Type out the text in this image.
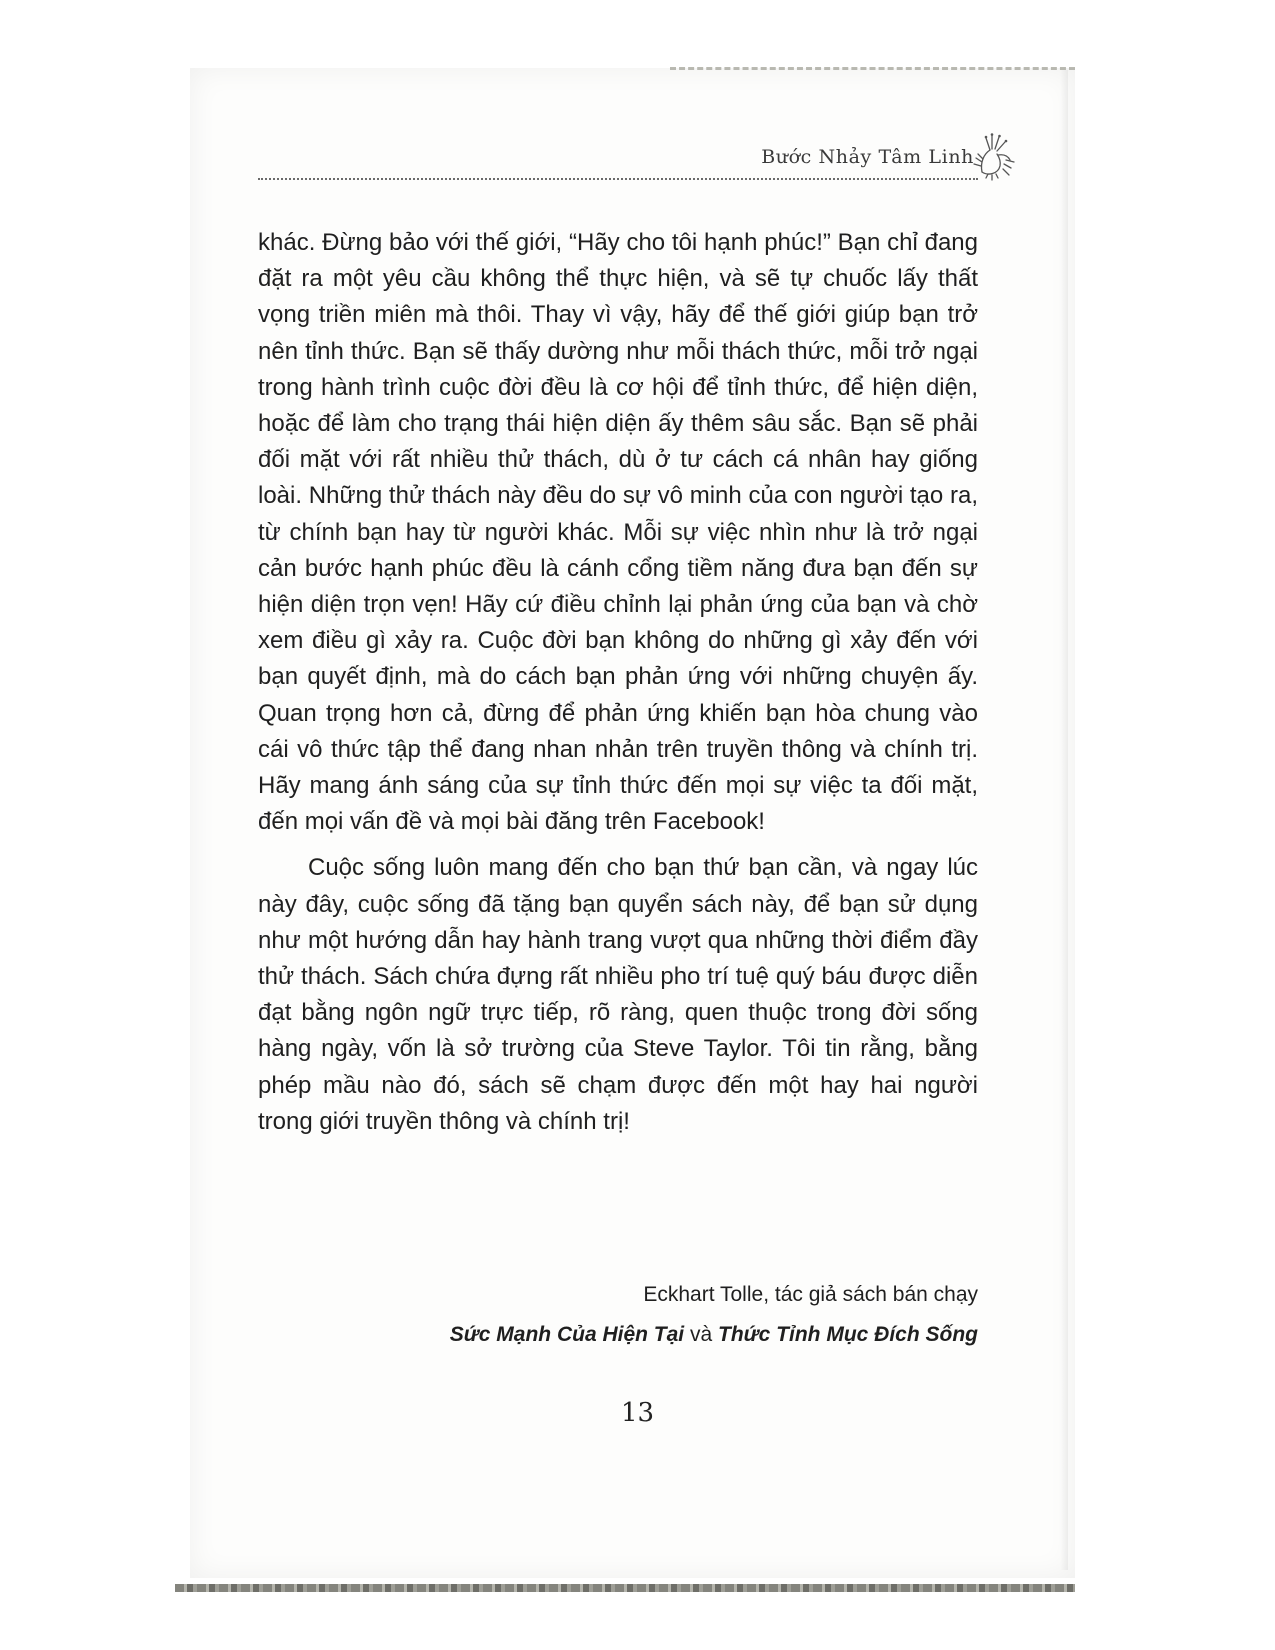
Bước Nhảy Tâm Linh

khác. Đừng bảo với thế giới, “Hãy cho tôi hạnh phúc!” Bạn chỉ đang đặt ra một yêu cầu không thể thực hiện, và sẽ tự chuốc lấy thất vọng triền miên mà thôi. Thay vì vậy, hãy để thế giới giúp bạn trở nên tỉnh thức. Bạn sẽ thấy dường như mỗi thách thức, mỗi trở ngại trong hành trình cuộc đời đều là cơ hội để tỉnh thức, để hiện diện, hoặc để làm cho trạng thái hiện diện ấy thêm sâu sắc. Bạn sẽ phải đối mặt với rất nhiều thử thách, dù ở tư cách cá nhân hay giống loài. Những thử thách này đều do sự vô minh của con người tạo ra, từ chính bạn hay từ người khác. Mỗi sự việc nhìn như là trở ngại cản bước hạnh phúc đều là cánh cổng tiềm năng đưa bạn đến sự hiện diện trọn vẹn! Hãy cứ điều chỉnh lại phản ứng của bạn và chờ xem điều gì xảy ra. Cuộc đời bạn không do những gì xảy đến với bạn quyết định, mà do cách bạn phản ứng với những chuyện ấy. Quan trọng hơn cả, đừng để phản ứng khiến bạn hòa chung vào cái vô thức tập thể đang nhan nhản trên truyền thông và chính trị. Hãy mang ánh sáng của sự tỉnh thức đến mọi sự việc ta đối mặt, đến mọi vấn đề và mọi bài đăng trên Facebook!

Cuộc sống luôn mang đến cho bạn thứ bạn cần, và ngay lúc này đây, cuộc sống đã tặng bạn quyển sách này, để bạn sử dụng như một hướng dẫn hay hành trang vượt qua những thời điểm đầy thử thách. Sách chứa đựng rất nhiều pho trí tuệ quý báu được diễn đạt bằng ngôn ngữ trực tiếp, rõ ràng, quen thuộc trong đời sống hàng ngày, vốn là sở trường của Steve Taylor. Tôi tin rằng, bằng phép mầu nào đó, sách sẽ chạm được đến một hay hai người trong giới truyền thông và chính trị!

Eckhart Tolle, tác giả sách bán chạy
Sức Mạnh Của Hiện Tại và Thức Tỉnh Mục Đích Sống
13
